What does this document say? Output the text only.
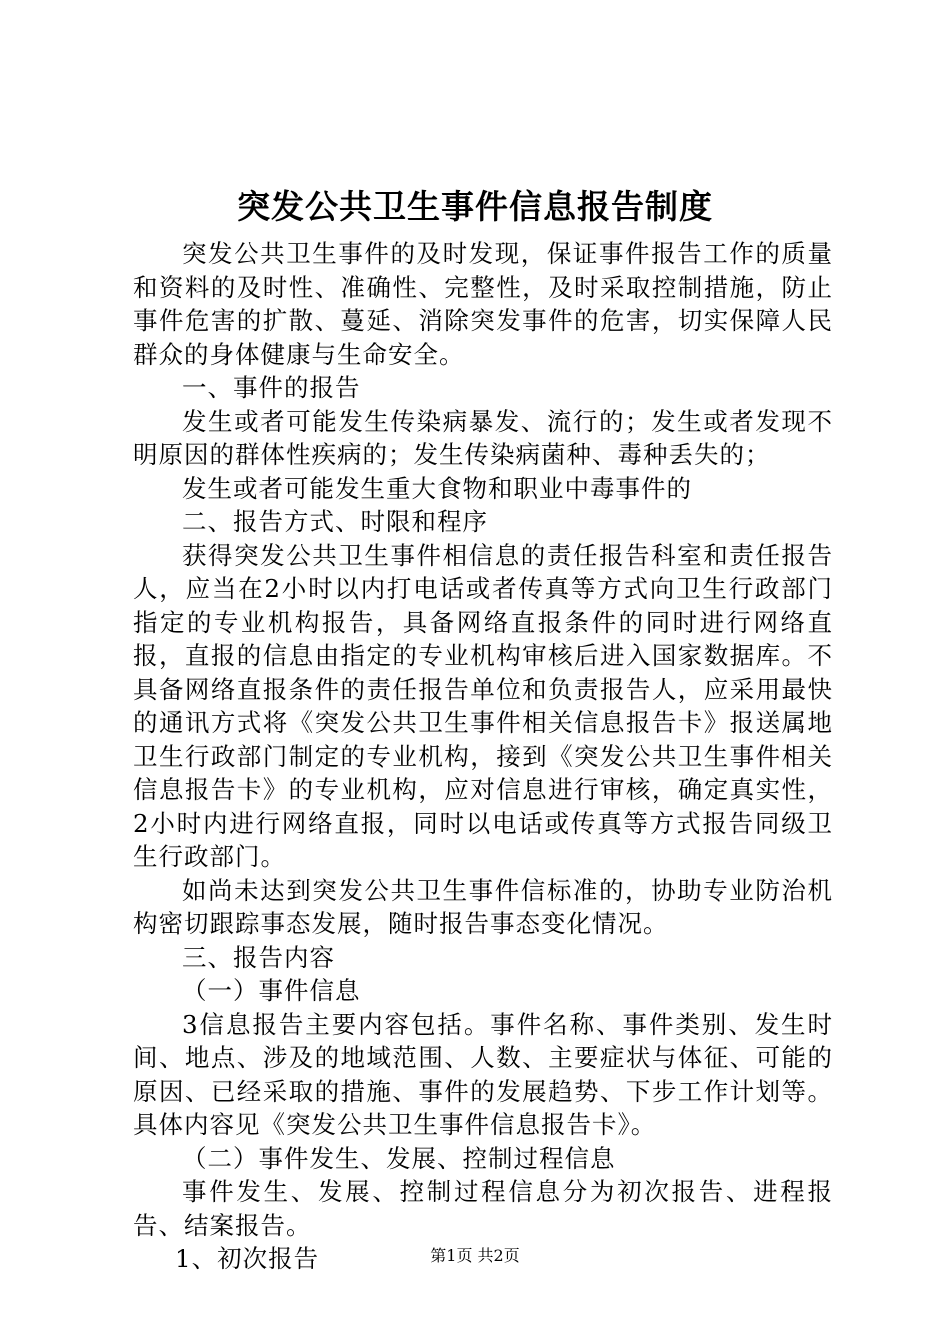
突发公共卫生事件信息报告制度

突发公共卫生事件的及时发现，保证事件报告工作的质量和资料的及时性、准确性、完整性，及时采取控制措施，防止事件危害的扩散、蔓延、消除突发事件的危害，切实保障人民群众的身体健康与生命安全。

一、事件的报告

发生或者可能发生传染病暴发、流行的；发生或者发现不明原因的群体性疾病的；发生传染病菌种、毒种丢失的；

发生或者可能发生重大食物和职业中毒事件的

二、报告方式、时限和程序

获得突发公共卫生事件相信息的责任报告科室和责任报告人，应当在2小时以内打电话或者传真等方式向卫生行政部门指定的专业机构报告，具备网络直报条件的同时进行网络直报，直报的信息由指定的专业机构审核后进入国家数据库。不具备网络直报条件的责任报告单位和负责报告人，应采用最快的通讯方式将《突发公共卫生事件相关信息报告卡》报送属地卫生行政部门制定的专业机构，接到《突发公共卫生事件相关信息报告卡》的专业机构，应对信息进行审核，确定真实性，2小时内进行网络直报，同时以电话或传真等方式报告同级卫生行政部门。

如尚未达到突发公共卫生事件信标准的，协助专业防治机构密切跟踪事态发展，随时报告事态变化情况。

三、报告内容

（一）事件信息

3信息报告主要内容包括。事件名称、事件类别、发生时间、地点、涉及的地域范围、人数、主要症状与体征、可能的原因、已经采取的措施、事件的发展趋势、下步工作计划等。具体内容见《突发公共卫生事件信息报告卡》。

（二）事件发生、发展、控制过程信息

事件发生、发展、控制过程信息分为初次报告、进程报告、结案报告。

1、初次报告	第1页 共2页
